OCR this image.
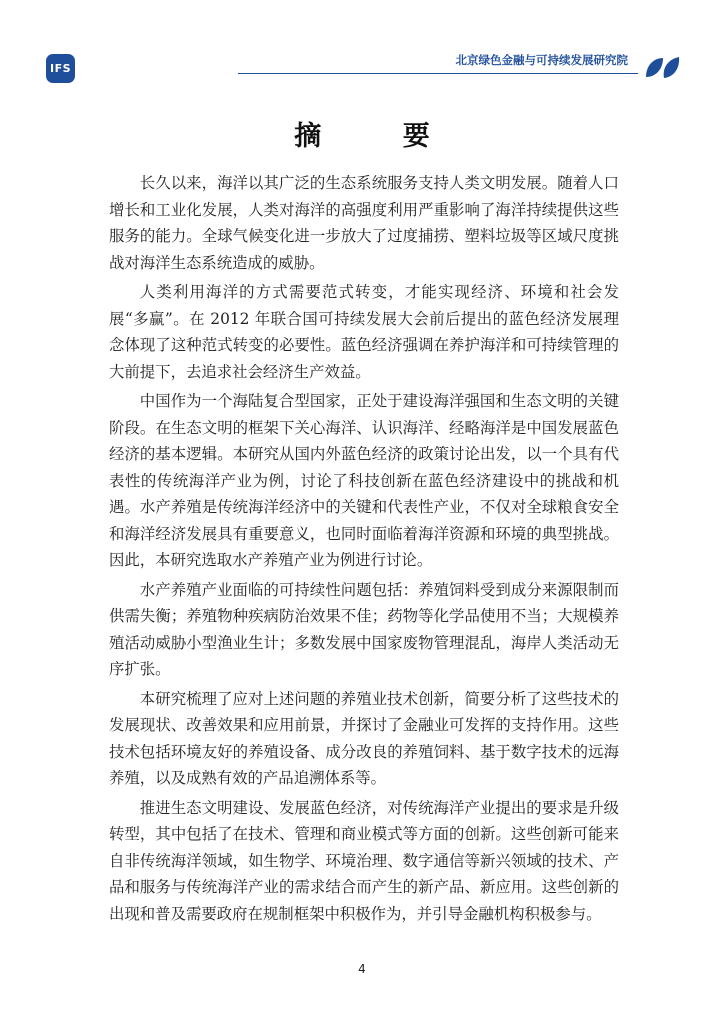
IFS
北京绿色金融与可持续发展研究院
摘 要

长久以来，海洋以其广泛的生态系统服务支持人类文明发展。随着人口增长和工业化发展，人类对海洋的高强度利用严重影响了海洋持续提供这些服务的能力。全球气候变化进一步放大了过度捕捞、塑料垃圾等区域尺度挑战对海洋生态系统造成的威胁。

人类利用海洋的方式需要范式转变，才能实现经济、环境和社会发展“多赢”。在 2012 年联合国可持续发展大会前后提出的蓝色经济发展理念体现了这种范式转变的必要性。蓝色经济强调在养护海洋和可持续管理的大前提下，去追求社会经济生产效益。

中国作为一个海陆复合型国家，正处于建设海洋强国和生态文明的关键阶段。在生态文明的框架下关心海洋、认识海洋、经略海洋是中国发展蓝色经济的基本逻辑。本研究从国内外蓝色经济的政策讨论出发，以一个具有代表性的传统海洋产业为例，讨论了科技创新在蓝色经济建设中的挑战和机遇。水产养殖是传统海洋经济中的关键和代表性产业，不仅对全球粮食安全和海洋经济发展具有重要意义，也同时面临着海洋资源和环境的典型挑战。因此，本研究选取水产养殖产业为例进行讨论。

水产养殖产业面临的可持续性问题包括：养殖饲料受到成分来源限制而供需失衡；养殖物种疾病防治效果不佳；药物等化学品使用不当；大规模养殖活动威胁小型渔业生计；多数发展中国家废物管理混乱，海岸人类活动无序扩张。

本研究梳理了应对上述问题的养殖业技术创新，简要分析了这些技术的发展现状、改善效果和应用前景，并探讨了金融业可发挥的支持作用。这些技术包括环境友好的养殖设备、成分改良的养殖饲料、基于数字技术的远海养殖，以及成熟有效的产品追溯体系等。

推进生态文明建设、发展蓝色经济，对传统海洋产业提出的要求是升级转型，其中包括了在技术、管理和商业模式等方面的创新。这些创新可能来自非传统海洋领域，如生物学、环境治理、数字通信等新兴领域的技术、产品和服务与传统海洋产业的需求结合而产生的新产品、新应用。这些创新的出现和普及需要政府在规制框架中积极作为，并引导金融机构积极参与。

4
